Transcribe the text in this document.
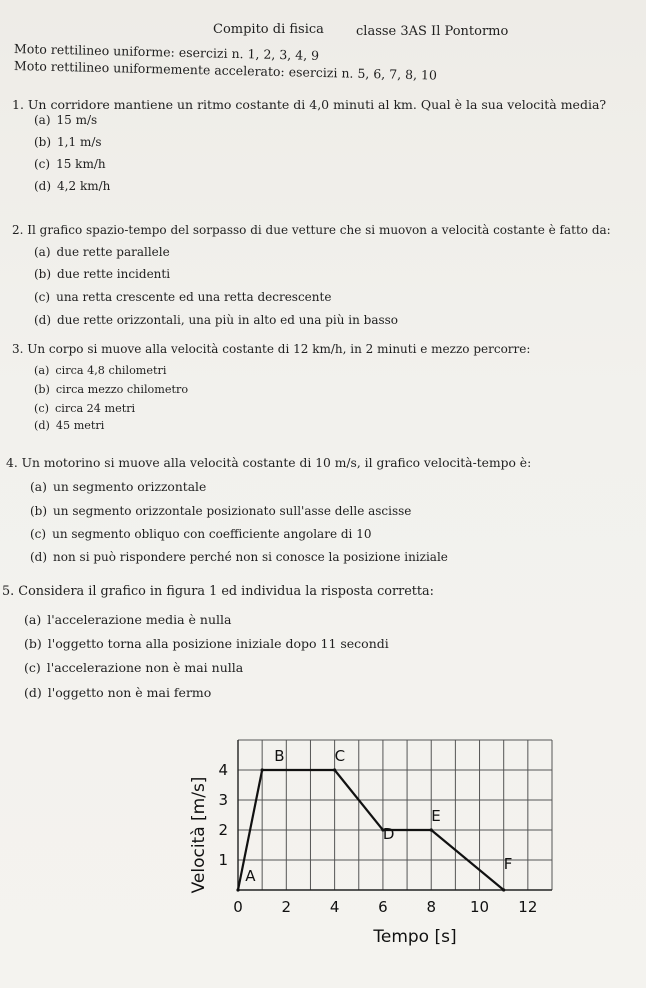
Compito di fisica classe 3AS Il Pontormo
Moto rettilineo uniforme: esercizi n. 1, 2, 3, 4, 9
Moto rettilineo uniformemente accelerato: esercizi n. 5, 6, 7, 8, 10
1. Un corridore mantiene un ritmo costante di 4,0 minuti al km. Qual è la sua velocità media?
(a) 15 m/s
(b) 1,1 m/s
(c) 15 km/h
(d) 4,2 km/h
2. Il grafico spazio-tempo del sorpasso di due vetture che si muovon a velocità costante è fatto da:
(a) due rette parallele
(b) due rette incidenti
(c) una retta crescente ed una retta decrescente
(d) due rette orizzontali, una più in alto ed una più in basso
3. Un corpo si muove alla velocità costante di 12 km/h, in 2 minuti e mezzo percorre:
(a) circa 4,8 chilometri
(b) circa mezzo chilometro
(c) circa 24 metri
(d) 45 metri
4. Un motorino si muove alla velocità costante di 10 m/s, il grafico velocità-tempo è:
(a) un segmento orizzontale
(b) un segmento orizzontale posizionato sull'asse delle ascisse
(c) un segmento obliquo con coefficiente angolare di 10
(d) non si può rispondere perché non si conosce la posizione iniziale
5. Considera il grafico in figura 1 ed individua la risposta corretta:
(a) l'accelerazione media è nulla
(b) l'oggetto torna alla posizione iniziale dopo 11 secondi
(c) l'accelerazione non è mai nulla
(d) l'oggetto non è mai fermo
0	2	4	6	8 10 12
1
2
3
4
A
B	C
D
E
F
Tempo [s]
Velocità [m/s]
